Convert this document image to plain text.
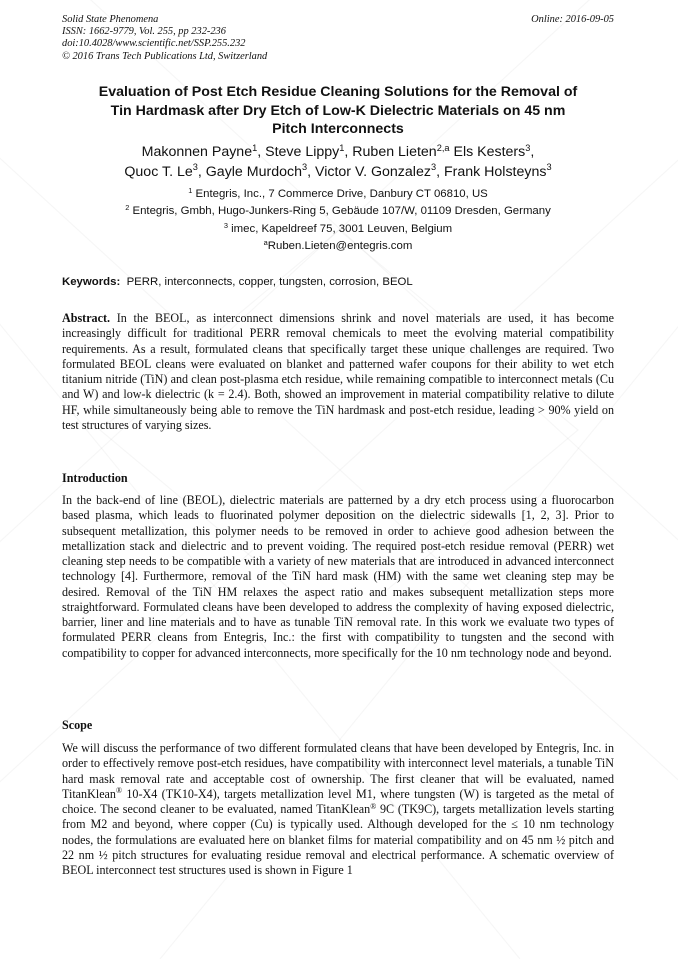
Solid State Phenomena
ISSN: 1662-9779, Vol. 255, pp 232-236
doi:10.4028/www.scientific.net/SSP.255.232
© 2016 Trans Tech Publications Ltd, Switzerland
Online: 2016-09-05
Evaluation of Post Etch Residue Cleaning Solutions for the Removal of
Tin Hardmask after Dry Etch of Low-K Dielectric Materials on 45 nm
Pitch Interconnects
Makonnen Payne$^1$, Steve Lippy$^1$, Ruben Lieten$^{2,a}$ Els Kesters$^3$,
Quoc T. Le$^3$, Gayle Murdoch$^3$, Victor V. Gonzalez$^3$, Frank Holsteyns$^3$
$^1$ Entegris, Inc., 7 Commerce Drive, Danbury CT 06810, US
$^2$ Entegris, Gmbh, Hugo-Junkers-Ring 5, Gebäude 107/W, 01109 Dresden, Germany
$^3$ imec, Kapeldreef 75, 3001 Leuven, Belgium
$^a$Ruben.Lieten@entegris.com
Keywords: PERR, interconnects, copper, tungsten, corrosion, BEOL

Abstract. In the BEOL, as interconnect dimensions shrink and novel materials are used, it has become increasingly difficult for traditional PERR removal chemicals to meet the evolving material compatibility requirements. As a result, formulated cleans that specifically target these unique challenges are required. Two formulated BEOL cleans were evaluated on blanket and patterned wafer coupons for their ability to wet etch titanium nitride (TiN) and clean post-plasma etch residue, while remaining compatible to interconnect metals (Cu and W) and low-k dielectric (k = 2.4). Both, showed an improvement in material compatibility relative to dilute HF, while simultaneously being able to remove the TiN hardmask and post-etch residue, leading > 90% yield on test structures of varying sizes.

Introduction

In the back-end of line (BEOL), dielectric materials are patterned by a dry etch process using a fluorocarbon based plasma, which leads to fluorinated polymer deposition on the dielectric sidewalls [1, 2, 3]. Prior to subsequent metallization, this polymer needs to be removed in order to achieve good adhesion between the metallization stack and dielectric and to prevent voiding. The required post-etch residue removal (PERR) wet cleaning step needs to be compatible with a variety of new materials that are introduced in advanced interconnect technology [4]. Furthermore, removal of the TiN hard mask (HM) with the same wet cleaning step may be desired. Removal of the TiN HM relaxes the aspect ratio and makes subsequent metallization steps more straightforward. Formulated cleans have been developed to address the complexity of having exposed dielectric, barrier, liner and line materials and to have as tunable TiN removal rate. In this work we evaluate two types of formulated PERR cleans from Entegris, Inc.: the first with compatibility to tungsten and the second with compatibility to copper for advanced interconnects, more specifically for the 10 nm technology node and beyond.

Scope

We will discuss the performance of two different formulated cleans that have been developed by Entegris, Inc. in order to effectively remove post-etch residues, have compatibility with interconnect level materials, a tunable TiN hard mask removal rate and acceptable cost of ownership. The first cleaner that will be evaluated, named TitanKlean® 10-X4 (TK10-X4), targets metallization level M1, where tungsten (W) is targeted as the metal of choice. The second cleaner to be evaluated, named TitanKlean® 9C (TK9C), targets metallization levels starting from M2 and beyond, where copper (Cu) is typically used. Although developed for the ≤ 10 nm technology nodes, the formulations are evaluated here on blanket films for material compatibility and on 45 nm ½ pitch and 22 nm ½ pitch structures for evaluating residue removal and electrical performance. A schematic overview of BEOL interconnect test structures used is shown in Figure 1
